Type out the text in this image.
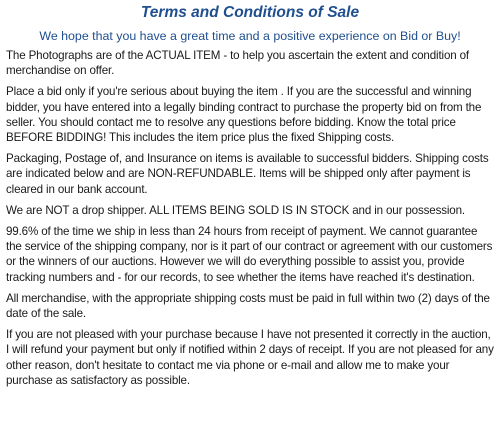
Terms and Conditions of Sale

We hope that you have a great time and a positive experience on Bid or Buy!

The Photographs are of the ACTUAL ITEM - to help you ascertain the extent and condition of merchandise on offer.

Place a bid only if you're serious about buying the item . If you are the successful and winning bidder, you have entered into a legally binding contract to purchase the property bid on from the seller. You should contact me to resolve any questions before bidding. Know the total price BEFORE BIDDING! This includes the item price plus the fixed Shipping costs.

Packaging, Postage of, and Insurance on items is available to successful bidders. Shipping costs are indicated below and are NON-REFUNDABLE. Items will be shipped only after payment is cleared in our bank account.

We are NOT a drop shipper. ALL ITEMS BEING SOLD IS IN STOCK and in our possession.

99.6% of the time we ship in less than 24 hours from receipt of payment. We cannot guarantee the service of the shipping company, nor is it part of our contract or agreement with our customers or the winners of our auctions. However we will do everything possible to assist you, provide tracking numbers and - for our records, to see whether the items have reached it's destination.

All merchandise, with the appropriate shipping costs must be paid in full within two (2) days of the date of the sale.

If you are not pleased with your purchase because I have not presented it correctly in the auction, I will refund your payment but only if notified within 2 days of receipt. If you are not pleased for any other reason, don't hesitate to contact me via phone or e-mail and allow me to make your purchase as satisfactory as possible.
